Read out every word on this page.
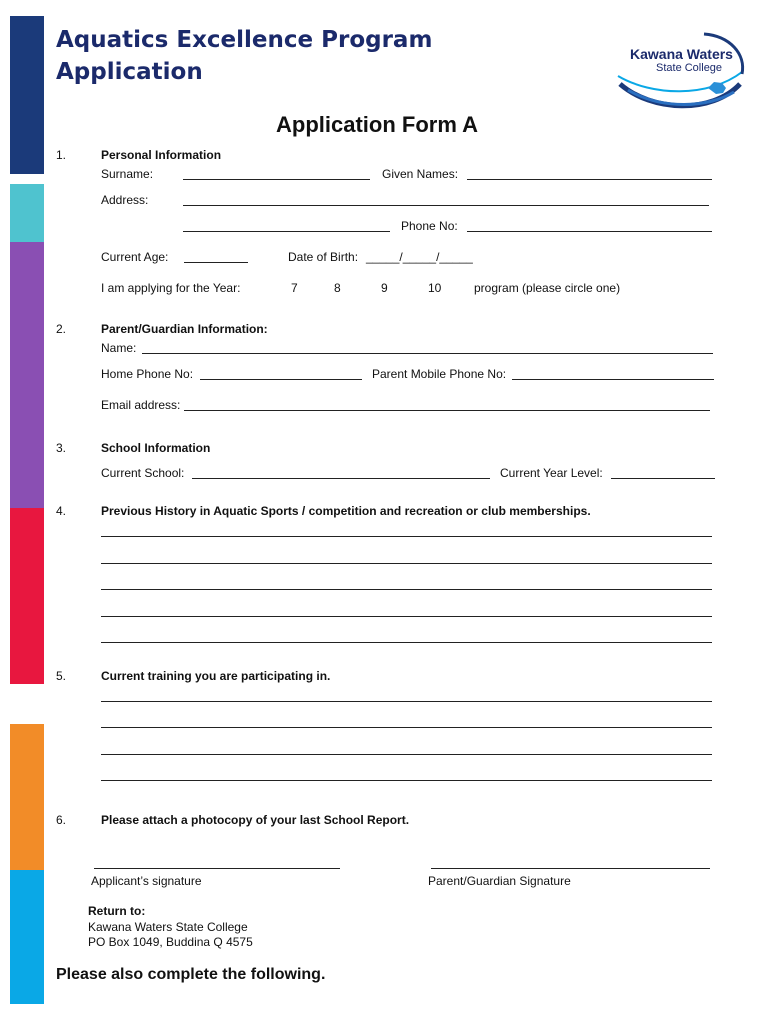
Aquatics Excellence Program
Application
Kawana Waters
State College
Application Form A
1.	Personal Information
Surname:	Given Names:
Address:
Phone No:
Current Age:	Date of Birth: _____/_____/_____
I am applying for the Year:	7	8	9	10	program (please circle one)
2.	Parent/Guardian Information:
Name:
Home Phone No:	Parent Mobile Phone No:
Email address:
3.	School Information
Current School:	Current Year Level:
4.	Previous History in Aquatic Sports / competition and recreation or club memberships.
5.	Current training you are participating in.
6.	Please attach a photocopy of your last School Report.
Applicant’s signature	Parent/Guardian Signature
Return to:
Kawana Waters State College
PO Box 1049, Buddina Q 4575
Please also complete the following.
